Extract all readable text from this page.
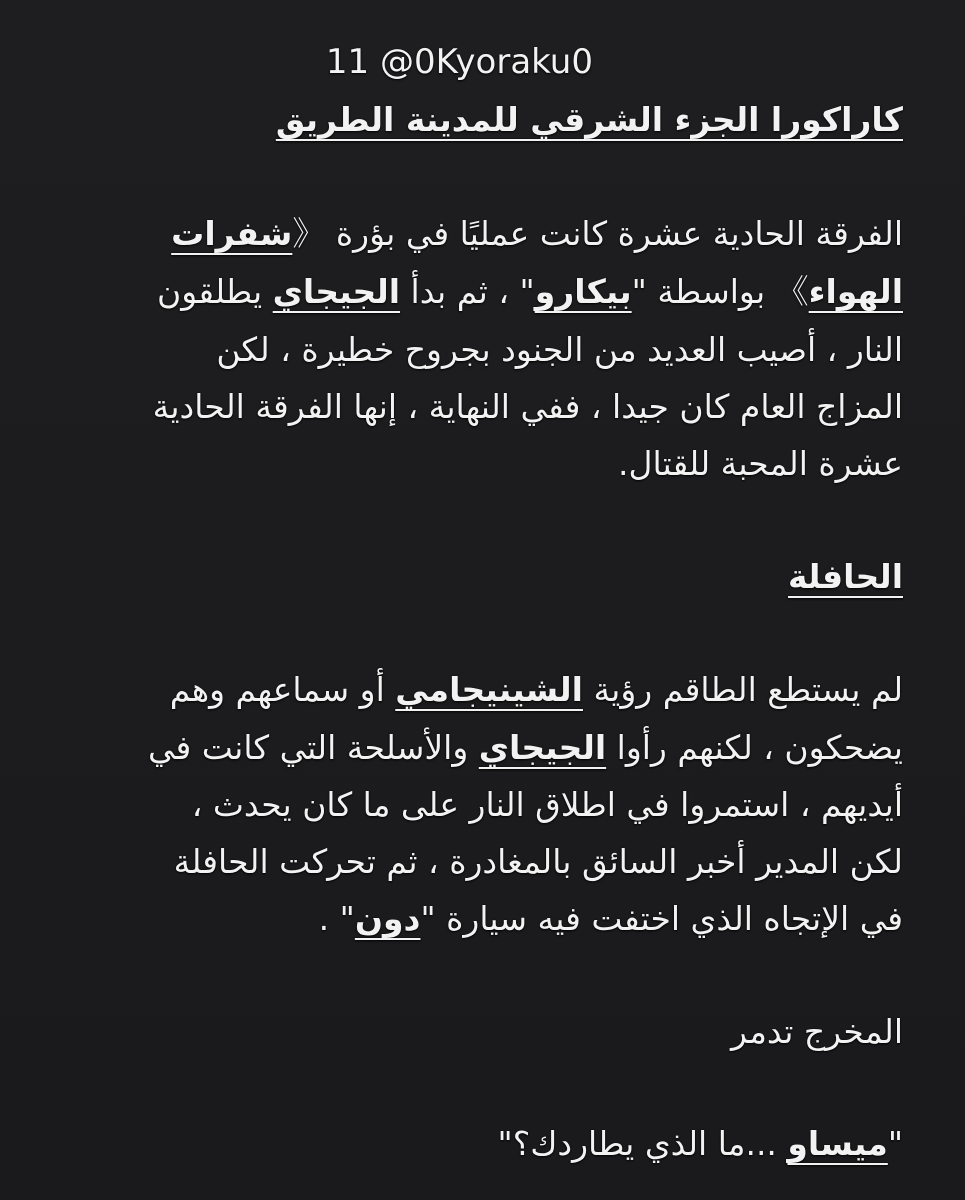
11 @0Kyoraku0
كاراكورا الجزء الشرقي للمدينة الطريق
الفرقة الحادية عشرة كانت عمليًا في بؤرة 《شفرات
الهواء》 بواسطة "بيكارو" ، ثم بدأ الجيجاي يطلقون
النار ، أصيب العديد من الجنود بجروح خطيرة ، لكن
المزاج العام كان جيدا ، ففي النهاية ، إنها الفرقة الحادية
عشرة المحبة للقتال.
الحافلة
لم يستطع الطاقم رؤية الشينيجامي أو سماعهم وهم
يضحكون ، لكنهم رأوا الجيجاي والأسلحة التي كانت في
أيديهم ، استمروا في اطلاق النار على ما كان يحدث ،
لكن المدير أخبر السائق بالمغادرة ، ثم تحركت الحافلة
في الإتجاه الذي اختفت فيه سيارة "دون" .
المخرج تدمر
"ميساو ...ما الذي يطاردك؟"
